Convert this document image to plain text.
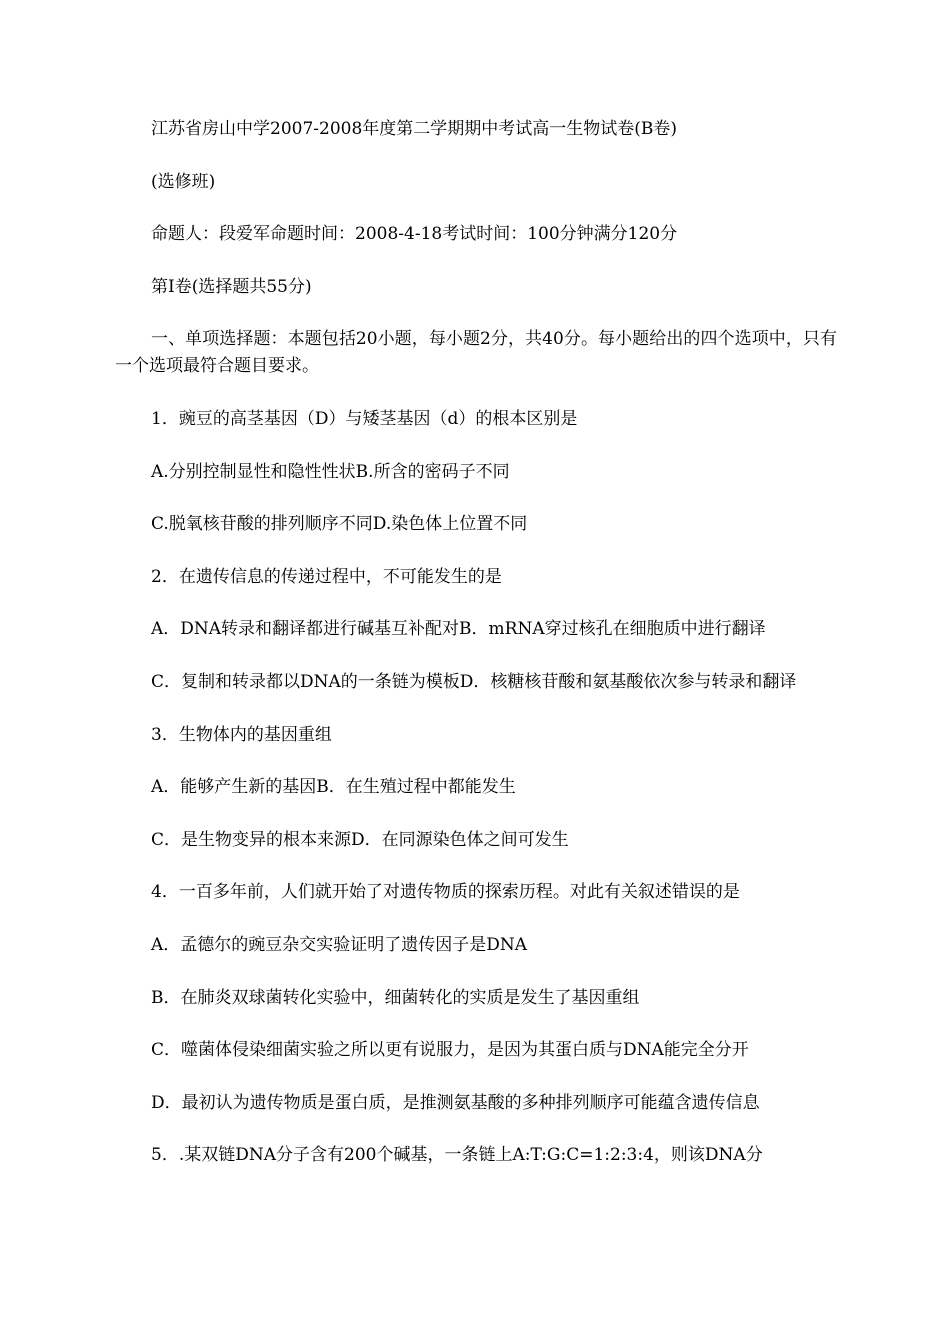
江苏省房山中学2007-2008年度第二学期期中考试高一生物试卷(B卷)

(选修班)

命题人：段爱军命题时间：2008-4-18考试时间：100分钟满分120分

第Ⅰ卷(选择题共55分)

一、单项选择题：本题包括20小题，每小题2分，共40分。每小题给出的四个选项中，只有一个选项最符合题目要求。

1．豌豆的高茎基因（D）与矮茎基因（d）的根本区别是

A.分别控制显性和隐性性状B.所含的密码子不同

C.脱氧核苷酸的排列顺序不同D.染色体上位置不同

2．在遗传信息的传递过程中，不可能发生的是

A．DNA转录和翻译都进行碱基互补配对B．mRNA穿过核孔在细胞质中进行翻译

C．复制和转录都以DNA的一条链为模板D．核糖核苷酸和氨基酸依次参与转录和翻译

3．生物体内的基因重组

A．能够产生新的基因B．在生殖过程中都能发生

C．是生物变异的根本来源D．在同源染色体之间可发生

4．一百多年前，人们就开始了对遗传物质的探索历程。对此有关叙述错误的是

A．孟德尔的豌豆杂交实验证明了遗传因子是DNA

B．在肺炎双球菌转化实验中，细菌转化的实质是发生了基因重组

C．噬菌体侵染细菌实验之所以更有说服力，是因为其蛋白质与DNA能完全分开

D．最初认为遗传物质是蛋白质，是推测氨基酸的多种排列顺序可能蕴含遗传信息

5．.某双链DNA分子含有200个碱基，一条链上A:T:G:C=1:2:3:4，则该DNA分
